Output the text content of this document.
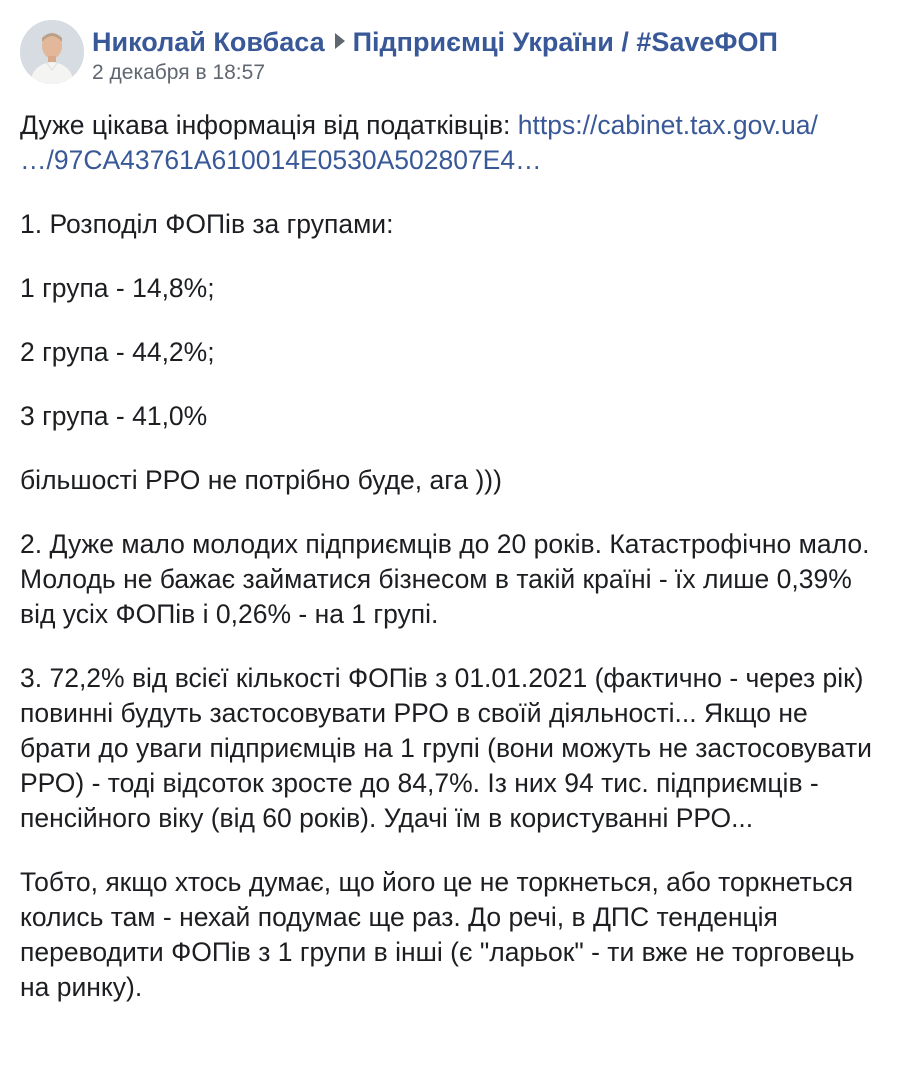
Николай Ковбаса Підприємці України / #SaveФОП
2 декабря в 18:57

Дуже цікава інформація від податківців: https://cabinet.tax.gov.ua/
…/97CA43761A610014E0530A502807E4…

1. Розподіл ФОПів за групами:

1 група - 14,8%;

2 група - 44,2%;

3 група - 41,0%

більшості РРО не потрібно буде, ага )))

2. Дуже мало молодих підприємців до 20 років. Катастрофічно мало. Молодь не бажає займатися бізнесом в такій країні - їх лише 0,39% від усіх ФОПів і 0,26% - на 1 групі.

3. 72,2% від всієї кількості ФОПів з 01.01.2021 (фактично - через рік) повинні будуть застосовувати РРО в своїй діяльності... Якщо не брати до уваги підприємців на 1 групі (вони можуть не застосовувати РРО) - тоді відсоток зросте до 84,7%. Із них 94 тис. підприємців - пенсійного віку (від 60 років). Удачі їм в користуванні РРО...

Тобто, якщо хтось думає, що його це не торкнеться, або торкнеться колись там - нехай подумає ще раз. До речі, в ДПС тенденція переводити ФОПів з 1 групи в інші (є "ларьок" - ти вже не торговець на ринку).
